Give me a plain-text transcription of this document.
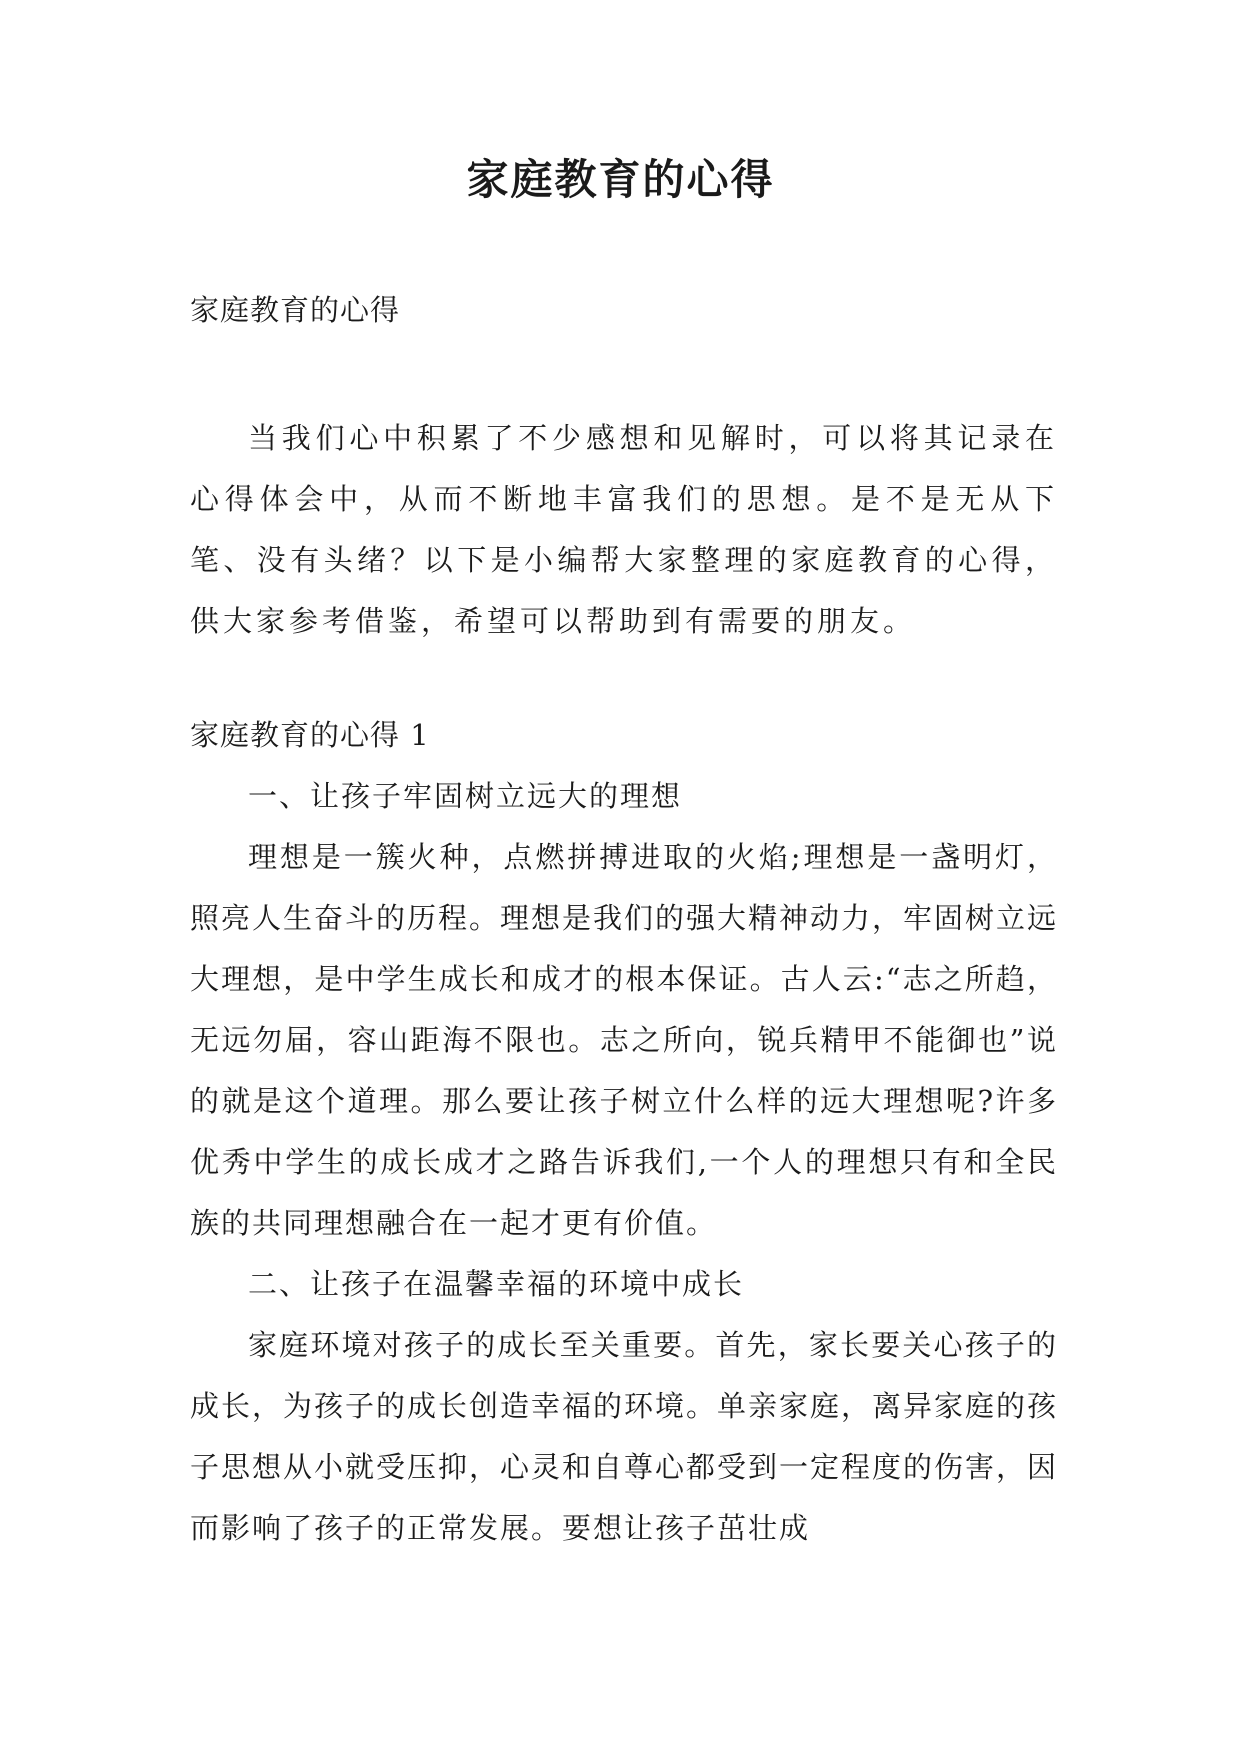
家庭教育的心得

家庭教育的心得

当我们心中积累了不少感想和见解时，可以将其记录在心得体会中，从而不断地丰富我们的思想。是不是无从下笔、没有头绪？以下是小编帮大家整理的家庭教育的心得，供大家参考借鉴，希望可以帮助到有需要的朋友。

家庭教育的心得 1

一、让孩子牢固树立远大的理想

理想是一簇火种，点燃拼搏进取的火焰;理想是一盏明灯，照亮人生奋斗的历程。理想是我们的强大精神动力，牢固树立远大理想，是中学生成长和成才的根本保证。古人云:“志之所趋，无远勿届，容山距海不限也。志之所向，锐兵精甲不能御也”说的就是这个道理。那么要让孩子树立什么样的远大理想呢?许多优秀中学生的成长成才之路告诉我们,一个人的理想只有和全民族的共同理想融合在一起才更有价值。

二、让孩子在温馨幸福的环境中成长

家庭环境对孩子的成长至关重要。首先，家长要关心孩子的成长，为孩子的成长创造幸福的环境。单亲家庭，离异家庭的孩子思想从小就受压抑，心灵和自尊心都受到一定程度的伤害，因而影响了孩子的正常发展。要想让孩子茁壮成
